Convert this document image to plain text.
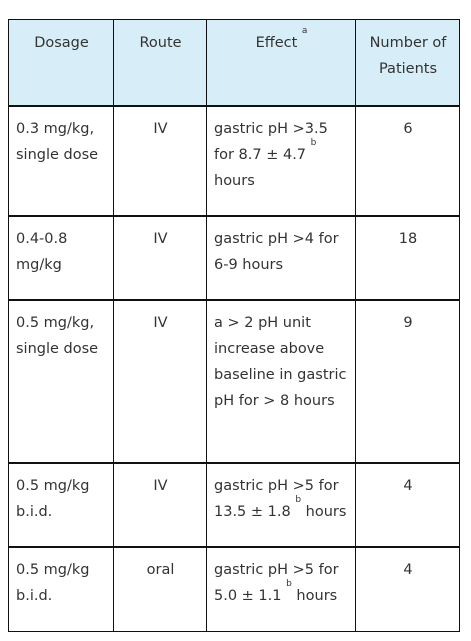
Dosage	Route	Effect $^a$	Number of Patients
0.3 mg/kg, single dose	IV	gastric pH >3.5 for 8.7 ± 4.7 $^b$ hours	6
0.4-0.8 mg/kg	IV	gastric pH >4 for 6-9 hours	18
0.5 mg/kg, single dose	IV	a > 2 pH unit increase above baseline in gastric pH for > 8 hours	9
0.5 mg/kg b.i.d.	IV	gastric pH >5 for 13.5 ± 1.8 $^b$ hours	4
0.5 mg/kg b.i.d.	oral	gastric pH >5 for 5.0 ± 1.1 $^b$ hours	4
